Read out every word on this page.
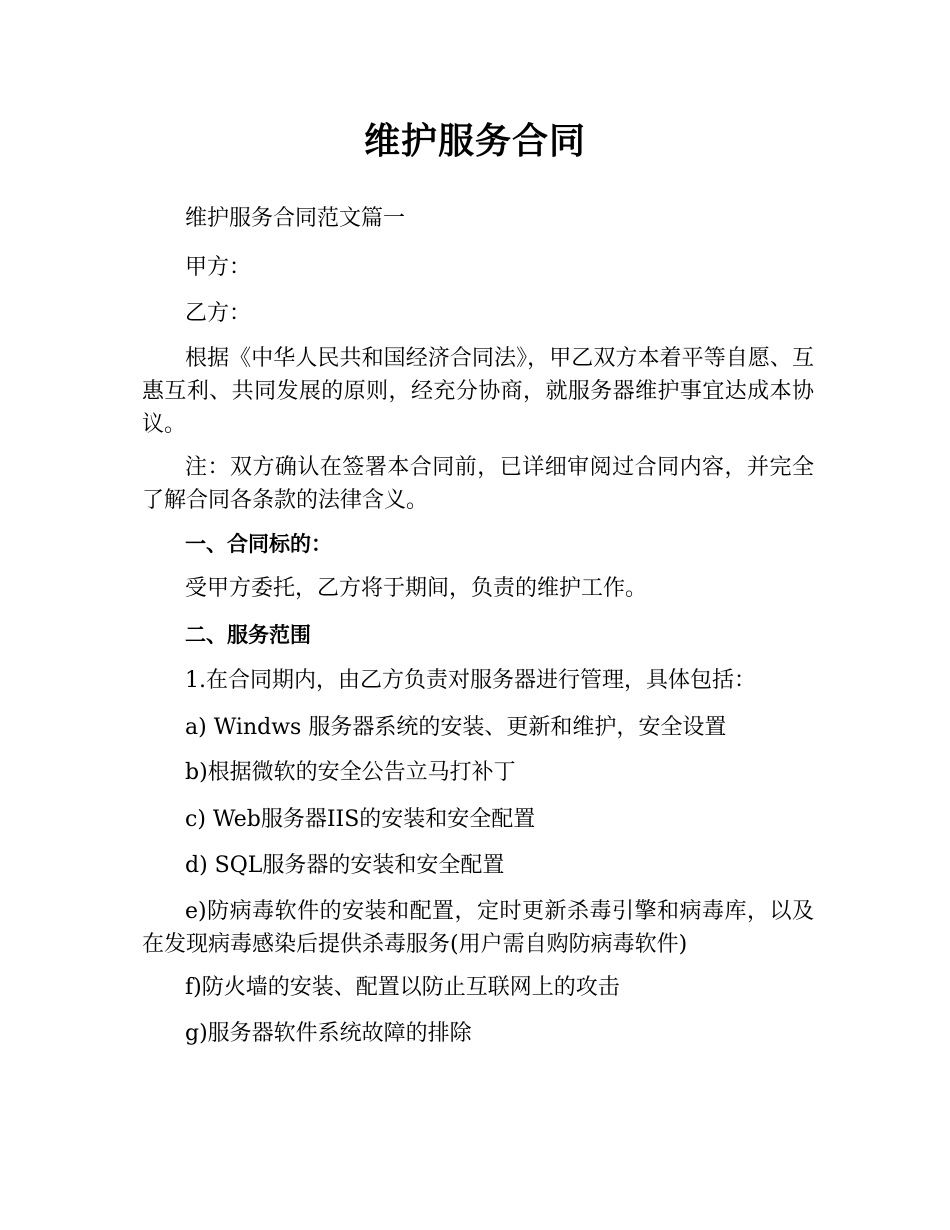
维护服务合同
维护服务合同范文篇一
甲方：
乙方：
根据《中华人民共和国经济合同法》，甲乙双方本着平等自愿、互惠互利、共同发展的原则，经充分协商，就服务器维护事宜达成本协议。
注：双方确认在签署本合同前，已详细审阅过合同内容，并完全了解合同各条款的法律含义。
一、合同标的：
受甲方委托，乙方将于期间，负责的维护工作。
二、服务范围
1.在合同期内，由乙方负责对服务器进行管理，具体包括：
a) Windws 服务器系统的安装、更新和维护，安全设置
b)根据微软的安全公告立马打补丁
c) Web服务器IIS的安装和安全配置
d) SQL服务器的安装和安全配置
e)防病毒软件的安装和配置，定时更新杀毒引擎和病毒库，以及在发现病毒感染后提供杀毒服务(用户需自购防病毒软件)
f)防火墙的安装、配置以防止互联网上的攻击
g)服务器软件系统故障的排除
